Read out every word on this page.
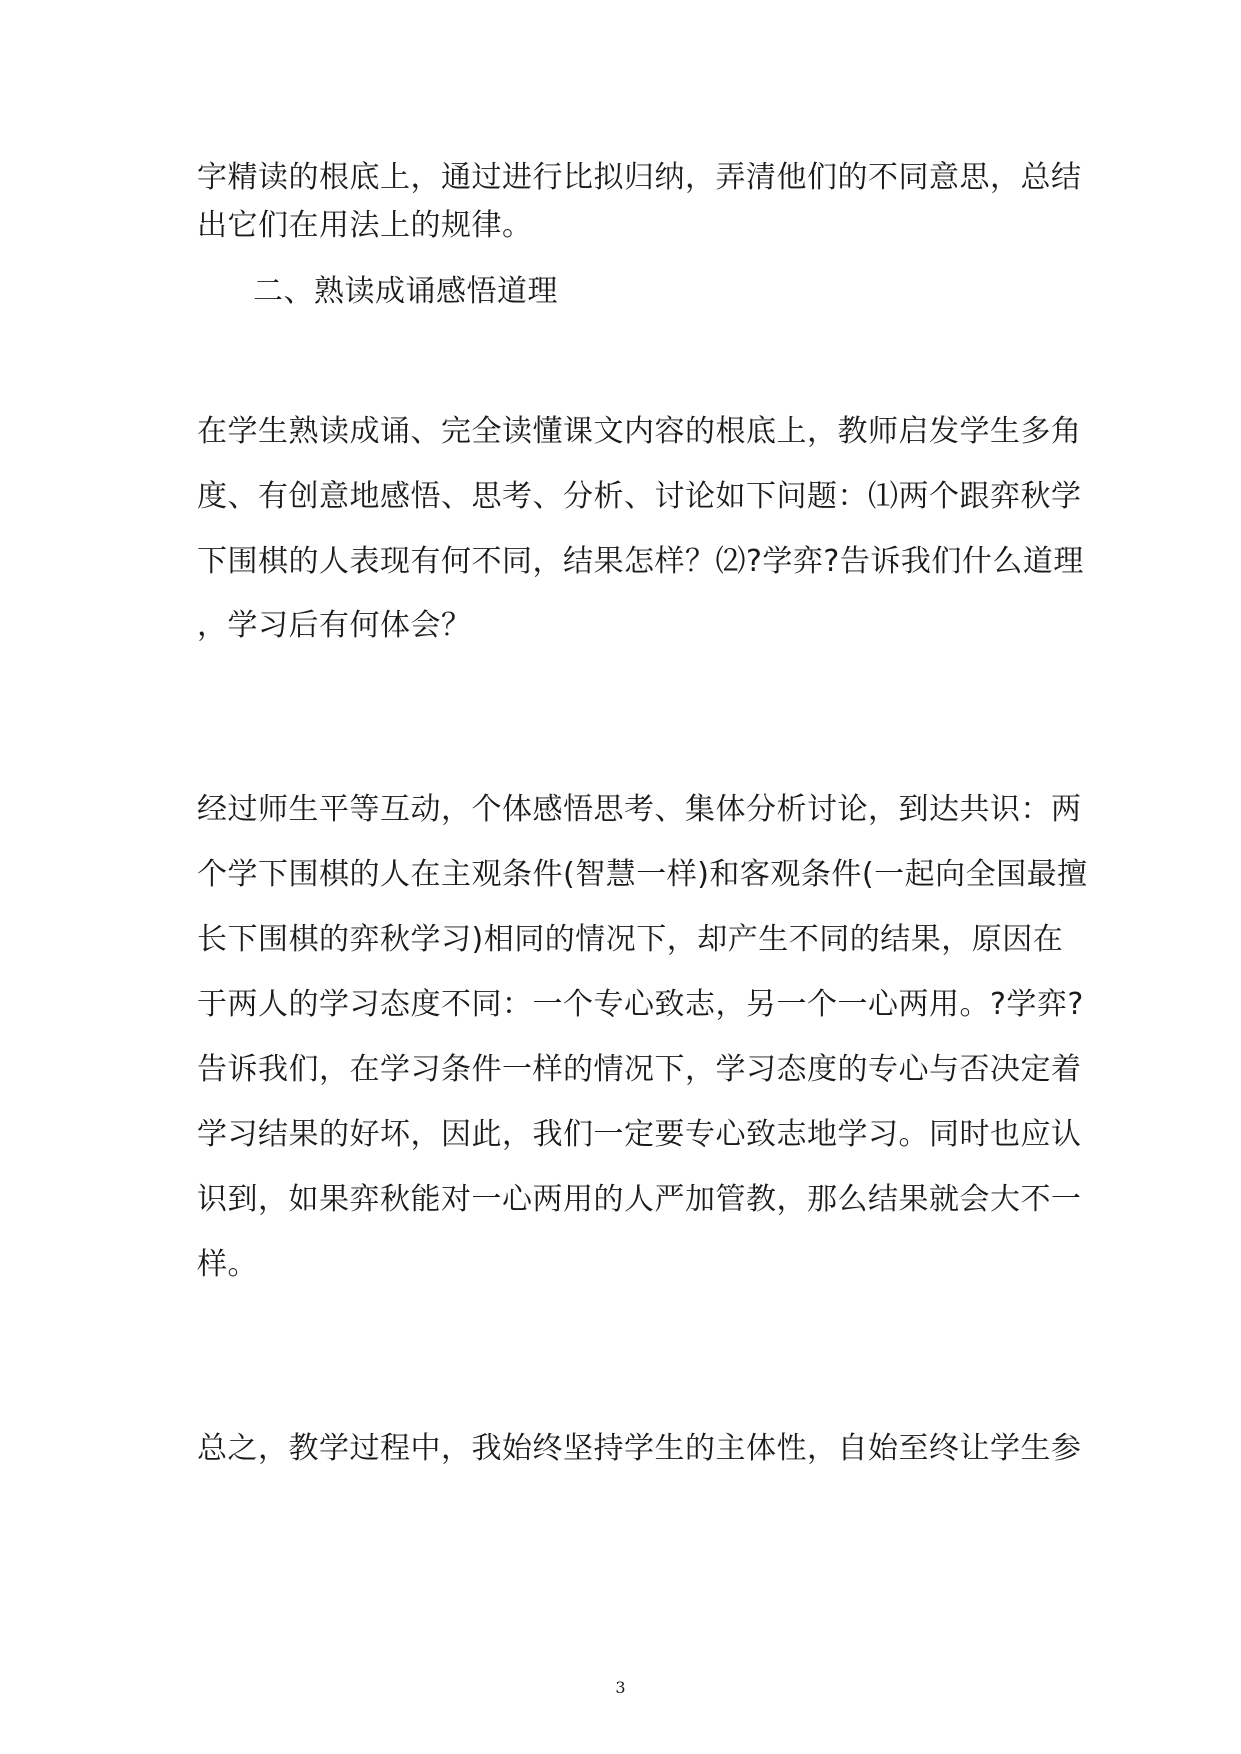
字精读的根底上，通过进行比拟归纳，弄清他们的不同意思，总结
出它们在用法上的规律。
二、熟读成诵感悟道理
在学生熟读成诵、完全读懂课文内容的根底上，教师启发学生多角
度、有创意地感悟、思考、分析、讨论如下问题：⑴两个跟弈秋学
下围棋的人表现有何不同，结果怎样？⑵?学弈?告诉我们什么道理
，学习后有何体会？
经过师生平等互动，个体感悟思考、集体分析讨论，到达共识：两
个学下围棋的人在主观条件(智慧一样)和客观条件(一起向全国最擅
长下围棋的弈秋学习)相同的情况下，却产生不同的结果，原因在
于两人的学习态度不同：一个专心致志，另一个一心两用。?学弈?
告诉我们，在学习条件一样的情况下，学习态度的专心与否决定着
学习结果的好坏，因此，我们一定要专心致志地学习。同时也应认
识到，如果弈秋能对一心两用的人严加管教，那么结果就会大不一
样。
总之，教学过程中，我始终坚持学生的主体性，自始至终让学生参
3
